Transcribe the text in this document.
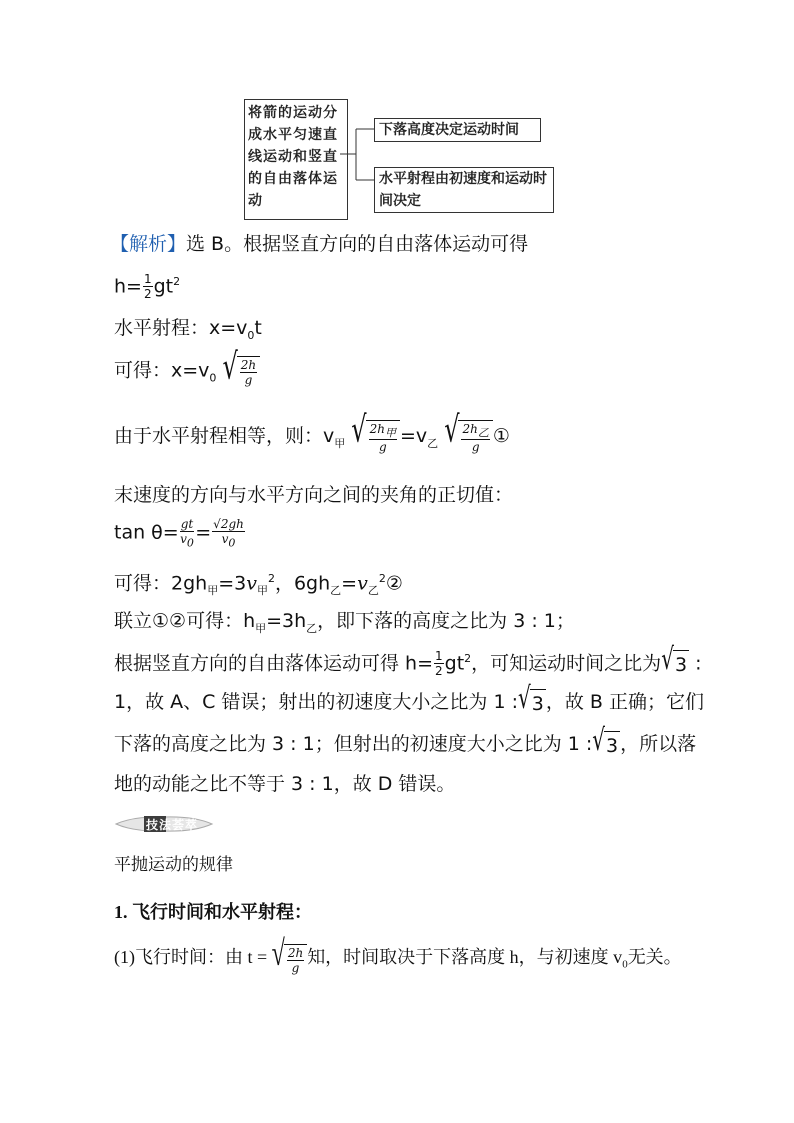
将箭的运动分成水平匀速直线运动和竖直的自由落体运动
下落高度决定运动时间
水平射程由初速度和运动时间决定
【解析】选 B。根据竖直方向的自由落体运动可得
$h= \frac{1}{2} gt^2$
水平射程：$x=v_0t$
可得：$x=v_0$ √ $\frac{2h}{g}$
由于水平射程相等，则：$v_甲$ √ $\frac{2h_甲}{g} =v_乙$ √ $\frac{2h_乙}{g}$ ①
末速度的方向与水平方向之间的夹角的正切值：
$\tan \theta= \frac{gt}{v_0} = \frac{√2gh}{v_0}$
可得：$2gh_甲=3v_甲^2$，$6gh_乙=v_乙^2②$
联立①②可得：$h_甲=3h_乙$，即下落的高度之比为 3 : 1；
根据竖直方向的自由落体运动可得 $h= \frac{1}{2} gt^2$，可知运动时间之比为 √ 3 :
1，故 A、C 错误；射出的初速度大小之比为 1 : √ 3 ，故 B 正确；它们
下落的高度之比为 3 : 1；但射出的初速度大小之比为 1 : √ 3 ，所以落
地的动能之比不等于 3 : 1，故 D 错误。
技法荟萃
平抛运动的规律
1. 飞行时间和水平射程：
(1)飞行时间：由 t = √ $\frac{2h}{g}$ 知，时间取决于下落高度 h，与初速度 $v_0$无关。
